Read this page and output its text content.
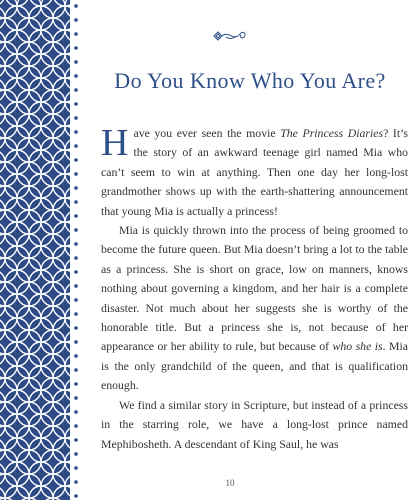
Do You Know Who You Are?

Have you ever seen the movie The Princess Diaries? It’s the story of an awkward teenage girl named Mia who can’t seem to win at anything. Then one day her long-lost grandmother shows up with the earth-shattering announcement that young Mia is actually a princess!

Mia is quickly thrown into the process of being groomed to become the future queen. But Mia doesn’t bring a lot to the table as a princess. She is short on grace, low on manners, knows nothing about governing a kingdom, and her hair is a complete disaster. Not much about her suggests she is worthy of the honorable title. But a princess she is, not because of her appearance or her ability to rule, but because of who she is. Mia is the only grandchild of the queen, and that is qualification enough.

We find a similar story in Scripture, but instead of a princess in the starring role, we have a long-lost prince named Mephibosheth. A descendant of King Saul, he was

10
